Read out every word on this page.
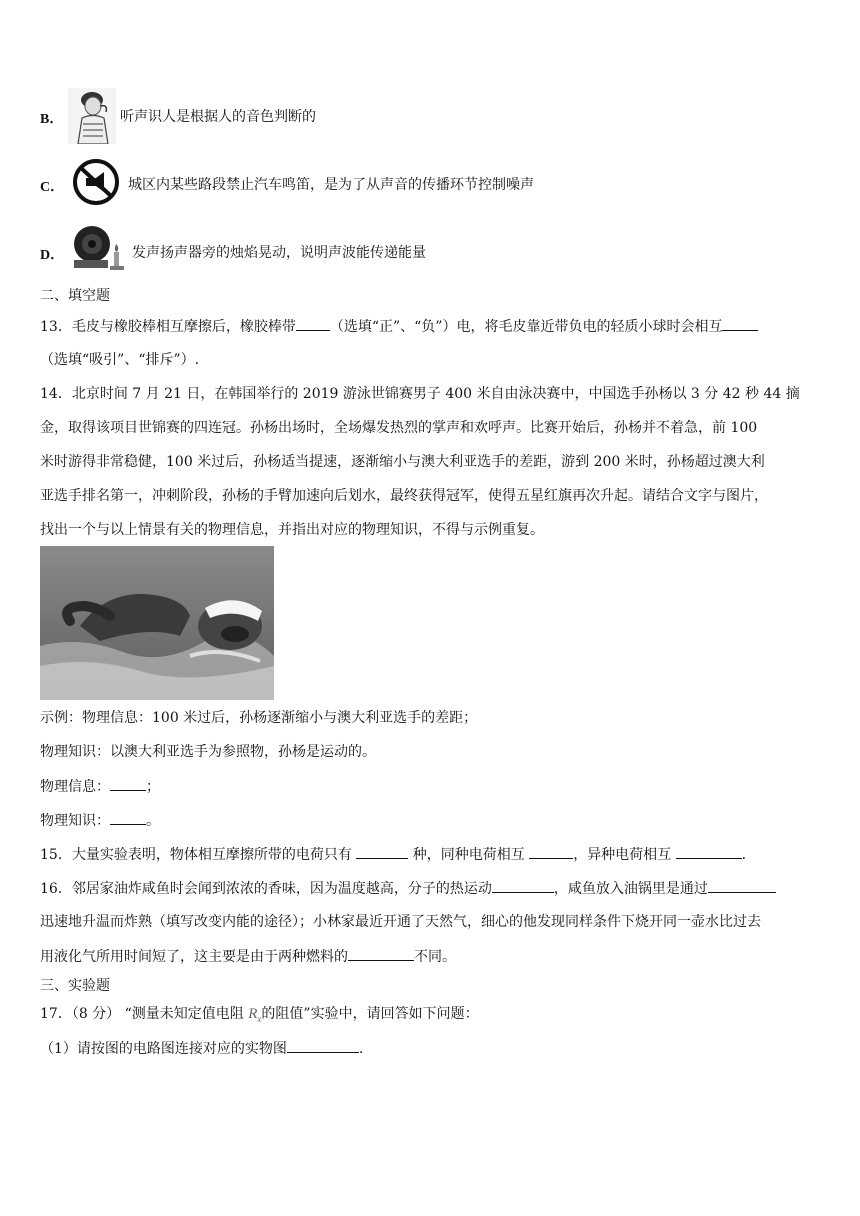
B．	听声识人是根据人的音色判断的
C．	城区内某些路段禁止汽车鸣笛，是为了从声音的传播环节控制噪声
D．	发声扬声器旁的烛焰晃动，说明声波能传递能量
二、填空题
13．毛皮与橡胶棒相互摩擦后，橡胶棒带 （选填“正”、“负”）电，将毛皮靠近带负电的轻质小球时会相互
（选填“吸引”、“排斥”）.
14．北京时间 7 月 21 日，在韩国举行的 2019 游泳世锦赛男子 400 米自由泳决赛中，中国选手孙杨以 3 分 42 秒 44 摘
金，取得该项目世锦赛的四连冠。孙杨出场时，全场爆发热烈的掌声和欢呼声。比赛开始后，孙杨并不着急，前 100
米时游得非常稳健，100 米过后，孙杨适当提速，逐渐缩小与澳大利亚选手的差距，游到 200 米时，孙杨超过澳大利
亚选手排名第一，冲刺阶段，孙杨的手臂加速向后划水，最终获得冠军，使得五星红旗再次升起。请结合文字与图片，
找出一个与以上情景有关的物理信息，并指出对应的物理知识，不得与示例重复。
示例：物理信息：100 米过后，孙杨逐渐缩小与澳大利亚选手的差距；
物理知识：以澳大利亚选手为参照物，孙杨是运动的。
物理信息：	；
物理知识：	。
15．大量实验表明，物体相互摩擦所带的电荷只有	种，同种电荷相互	，异种电荷相互	.
16．邻居家油炸咸鱼时会闻到浓浓的香味，因为温度越高，分子的热运动	，咸鱼放入油锅里是通过
迅速地升温而炸熟（填写改变内能的途径）；小林家最近开通了天然气，细心的他发现同样条件下烧开同一壶水比过去
用液化气所用时间短了，这主要是由于两种燃料的	不同。
三、实验题
17．（8 分） “测量未知定值电阻 $R_x$的阻值”实验中，请回答如下问题：
（1）请按图的电路图连接对应的实物图	.
